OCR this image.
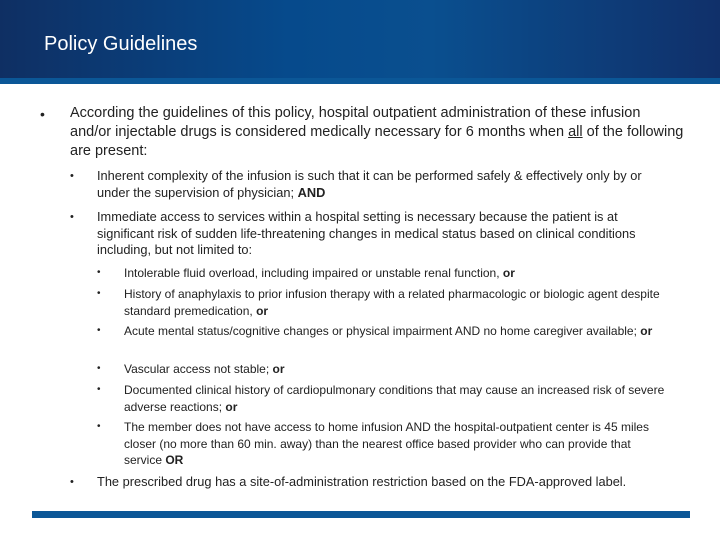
Policy Guidelines
• According the guidelines of this policy, hospital outpatient administration of these infusion and/or injectable drugs is considered medically necessary for 6 months when all of the following are present:
• Inherent complexity of the infusion is such that it can be performed safely & effectively only by or under the supervision of physician; AND
• Immediate access to services within a hospital setting is necessary because the patient is at significant risk of sudden life-threatening changes in medical status based on clinical conditions including, but not limited to:
• Intolerable fluid overload, including impaired or unstable renal function, or
• History of anaphylaxis to prior infusion therapy with a related pharmacologic or biologic agent despite standard premedication, or
• Acute mental status/cognitive changes or physical impairment AND no home caregiver available; or
• Vascular access not stable; or
• Documented clinical history of cardiopulmonary conditions that may cause an increased risk of severe adverse reactions; or
• The member does not have access to home infusion AND the hospital-outpatient center is 45 miles closer (no more than 60 min. away) than the nearest office based provider who can provide that service OR
• The prescribed drug has a site-of-administration restriction based on the FDA-approved label.
